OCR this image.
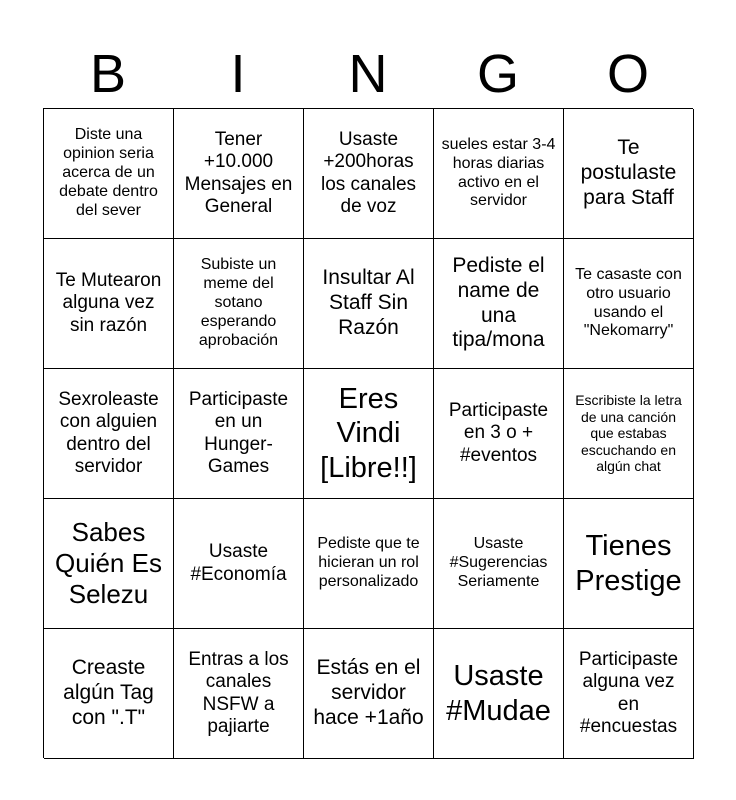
B	I	N	G	O
Diste una opinion seria acerca de un debate dentro del sever
Tener +10.000 Mensajes en General
Usaste +200horas los canales de voz
sueles estar 3-4 horas diarias activo en el servidor
Te postulaste para Staff
Te Mutearon alguna vez sin razón
Subiste un meme del sotano esperando aprobación
Insultar Al Staff Sin Razón
Pediste el name de una tipa/mona
Te casaste con otro usuario usando el "Nekomarry"
Sexroleaste con alguien dentro del servidor
Participaste en un Hunger-Games
Eres Vindi [Libre!!]
Participaste en 3 o + #eventos
Escribiste la letra de una canción que estabas escuchando en algún chat
Sabes Quién Es Selezu
Usaste #Economía
Pediste que te hicieran un rol personalizado
Usaste #Sugerencias Seriamente
Tienes Prestige
Creaste algún Tag con ".T"
Entras a los canales NSFW a pajiarte
Estás en el servidor hace +1año
Usaste #Mudae
Participaste alguna vez en #encuestas
